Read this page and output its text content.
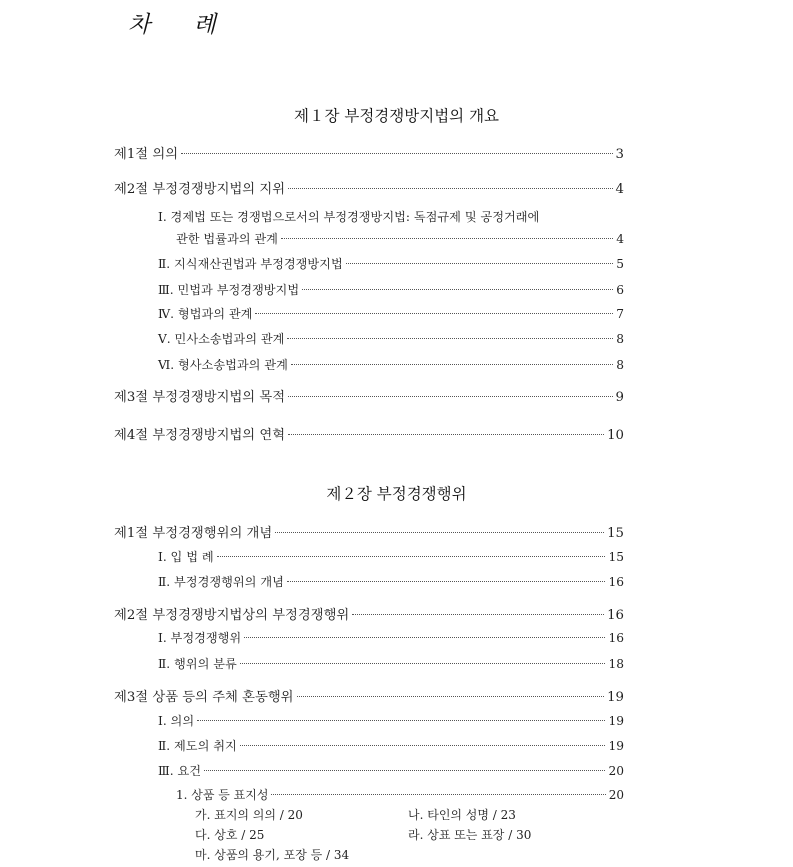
차 례
제１장 부정경쟁방지법의 개요
제1절 의의	3
제2절 부정경쟁방지법의 지위	4
Ⅰ. 경제법 또는 경쟁법으로서의 부정경쟁방지법: 독점규제 및 공정거래에
관한 법률과의 관계	4
Ⅱ. 지식재산권법과 부정경쟁방지법	5
Ⅲ. 민법과 부정경쟁방지법	6
Ⅳ. 형법과의 관계	7
Ⅴ. 민사소송법과의 관계	8
Ⅵ. 형사소송법과의 관계	8
제3절 부정경쟁방지법의 목적	9
제4절 부정경쟁방지법의 연혁	10
제２장 부정경쟁행위
제1절 부정경쟁행위의 개념	15
Ⅰ. 입 법 례	15
Ⅱ. 부정경쟁행위의 개념	16
제2절 부정경쟁방지법상의 부정경쟁행위	16
Ⅰ. 부정경쟁행위	16
Ⅱ. 행위의 분류	18
제3절 상품 등의 주체 혼동행위	19
Ⅰ. 의의	19
Ⅱ. 제도의 취지	19
Ⅲ. 요건	20
1. 상품 등 표지성	20
가. 표지의 의의 / 20	나. 타인의 성명 / 23
다. 상호 / 25	라. 상표 또는 표장 / 30
마. 상품의 용기, 포장 등 / 34
